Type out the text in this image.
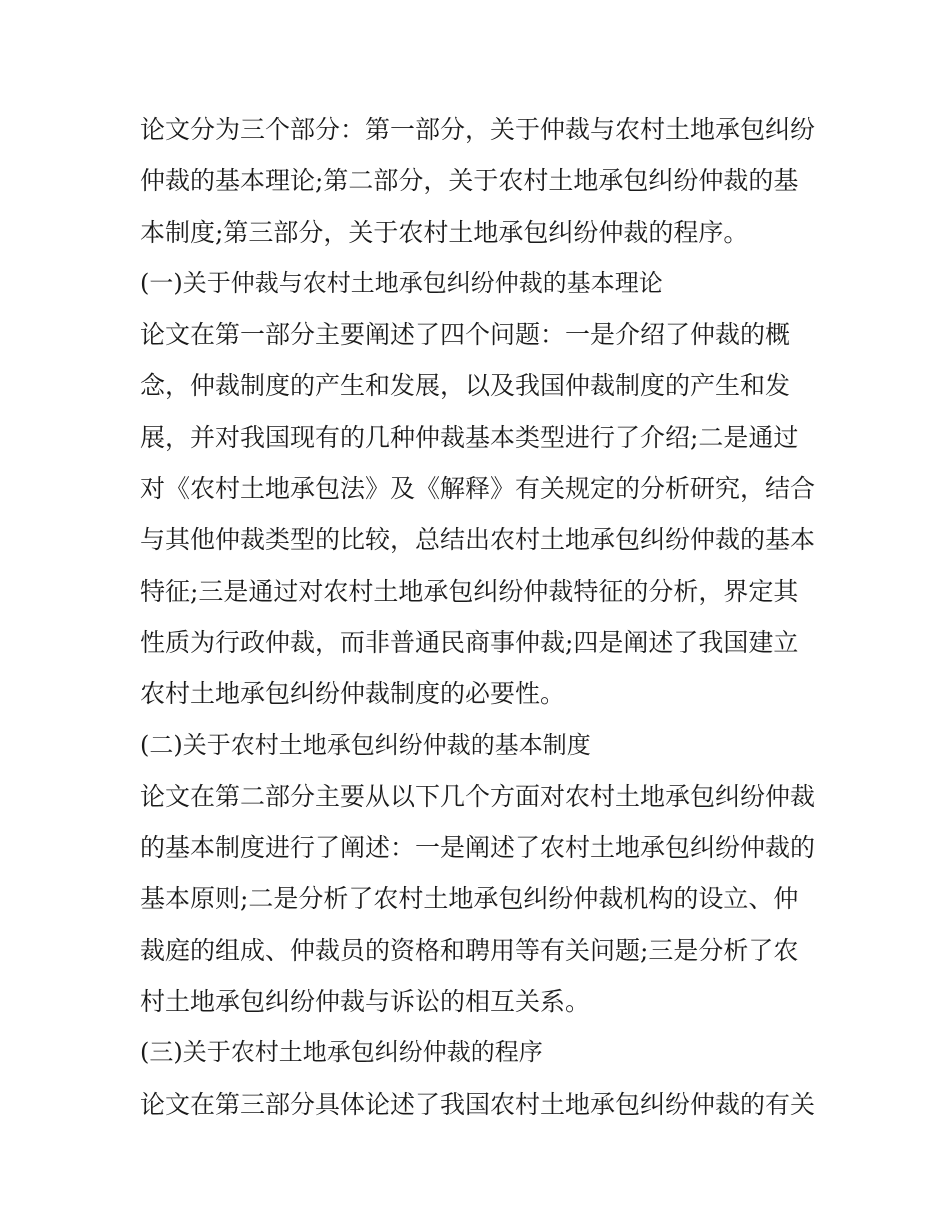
论文分为三个部分：第一部分，关于仲裁与农村土地承包纠纷
仲裁的基本理论;第二部分，关于农村土地承包纠纷仲裁的基
本制度;第三部分，关于农村土地承包纠纷仲裁的程序。
(一)关于仲裁与农村土地承包纠纷仲裁的基本理论
论文在第一部分主要阐述了四个问题：一是介绍了仲裁的概
念，仲裁制度的产生和发展，以及我国仲裁制度的产生和发
展，并对我国现有的几种仲裁基本类型进行了介绍;二是通过
对《农村土地承包法》及《解释》有关规定的分析研究，结合
与其他仲裁类型的比较，总结出农村土地承包纠纷仲裁的基本
特征;三是通过对农村土地承包纠纷仲裁特征的分析，界定其
性质为行政仲裁，而非普通民商事仲裁;四是阐述了我国建立
农村土地承包纠纷仲裁制度的必要性。
(二)关于农村土地承包纠纷仲裁的基本制度
论文在第二部分主要从以下几个方面对农村土地承包纠纷仲裁
的基本制度进行了阐述：一是阐述了农村土地承包纠纷仲裁的
基本原则;二是分析了农村土地承包纠纷仲裁机构的设立、仲
裁庭的组成、仲裁员的资格和聘用等有关问题;三是分析了农
村土地承包纠纷仲裁与诉讼的相互关系。
(三)关于农村土地承包纠纷仲裁的程序
论文在第三部分具体论述了我国农村土地承包纠纷仲裁的有关
